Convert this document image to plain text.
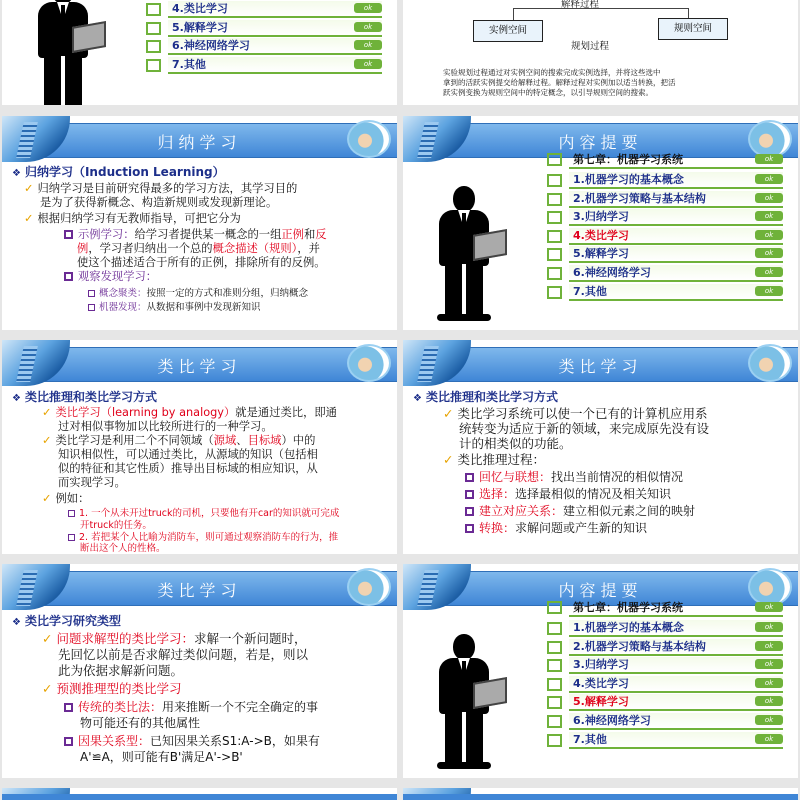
4.类比学习	ok
5.解释学习	ok
6.神经网络学习	ok
7.其他	ok
解释过程
实例空间	规则空间
规划过程
实验规划过程通过对实例空间的搜索完成实例选择，并将这些选中
拿到的活跃实例提交给解释过程。解释过程对实例加以适当转换，把活
跃实例变换为规则空间中的特定概念，以引导规则空间的搜索。
归纳学习
❖ 归纳学习（Induction Learning）
✓ 归纳学习是目前研究得最多的学习方法，其学习目的
是为了获得新概念、构造新规则或发现新理论。
✓ 根据归纳学习有无教师指导，可把它分为
示例学习：给学习者提供某一概念的一组正例和反
例，学习者归纳出一个总的概念描述（规则），并
使这个描述适合于所有的正例，排除所有的反例。
观察发现学习：
概念聚类：按照一定的方式和准则分组，归纳概念
机器发现：从数据和事例中发现新知识
内容提要
第七章：机器学习系统	ok
1.机器学习的基本概念	ok
2.机器学习策略与基本结构	ok
3.归纳学习	ok
4.类比学习	ok
5.解释学习	ok
6.神经网络学习	ok
7.其他	ok
类比学习
❖ 类比推理和类比学习方式
✓ 类比学习（learning by analogy）就是通过类比，即通
过对相似事物加以比较所进行的一种学习。
✓ 类比学习是利用二个不同领域（源域、目标域）中的
知识相似性，可以通过类比，从源域的知识（包括相
似的特征和其它性质）推导出目标域的相应知识，从
而实现学习。
✓ 例如：
1. 一个从未开过truck的司机，只要他有开car的知识就可完成
开truck的任务。
2. 若把某个人比喻为消防车，则可通过观察消防车的行为，推
断出这个人的性格。
类比学习
❖ 类比推理和类比学习方式
✓ 类比学习系统可以使一个已有的计算机应用系
统转变为适应于新的领域，来完成原先没有设
计的相类似的功能。
✓ 类比推理过程：
回忆与联想：找出当前情况的相似情况
选择：选择最相似的情况及相关知识
建立对应关系：建立相似元素之间的映射
转换：求解问题或产生新的知识
类比学习
❖ 类比学习研究类型
✓ 问题求解型的类比学习：求解一个新问题时，
先回忆以前是否求解过类似问题，若是，则以
此为依据求解新问题。
✓ 预测推理型的类比学习
传统的类比法：用来推断一个不完全确定的事
物可能还有的其他属性
因果关系型：已知因果关系S1:A->B，如果有
A'≌A，则可能有B'满足A'->B'
内容提要
第七章：机器学习系统	ok
1.机器学习的基本概念	ok
2.机器学习策略与基本结构	ok
3.归纳学习	ok
4.类比学习	ok
5.解释学习	ok
6.神经网络学习	ok
7.其他	ok
